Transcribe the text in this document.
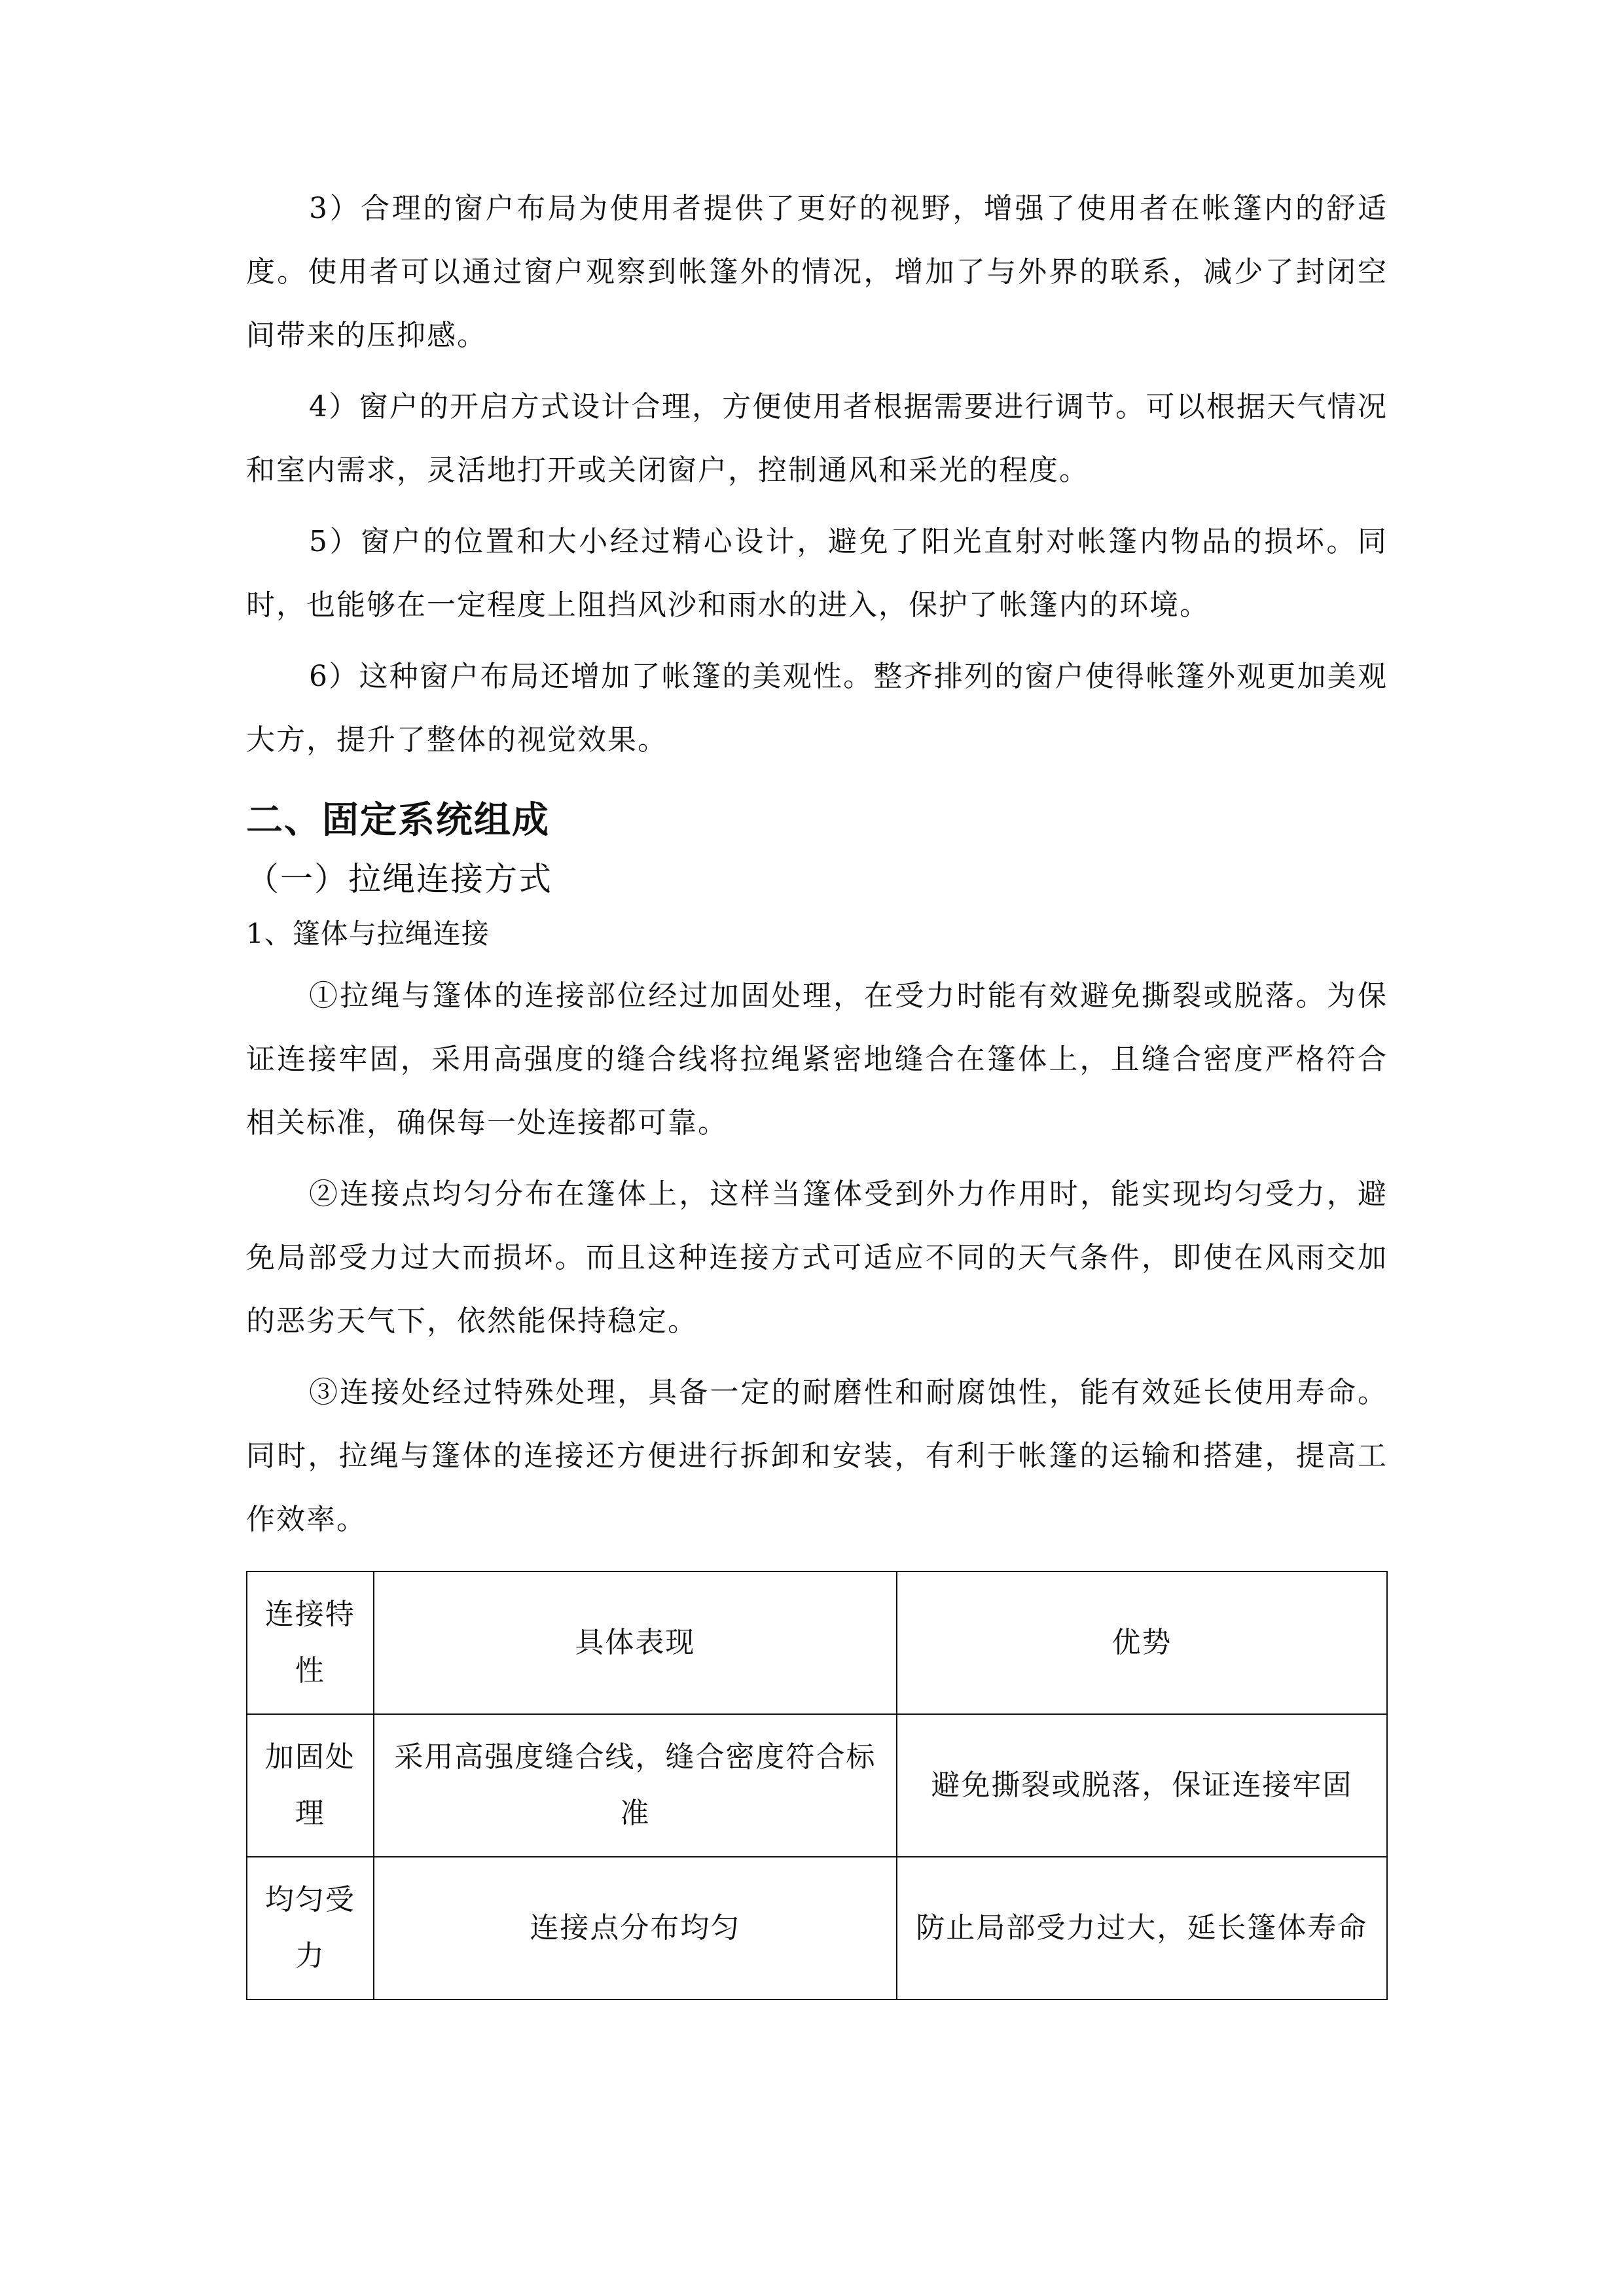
3）合理的窗户布局为使用者提供了更好的视野，增强了使用者在帐篷内的舒适度。使用者可以通过窗户观察到帐篷外的情况，增加了与外界的联系，减少了封闭空间带来的压抑感。

4）窗户的开启方式设计合理，方便使用者根据需要进行调节。可以根据天气情况和室内需求，灵活地打开或关闭窗户，控制通风和采光的程度。

5）窗户的位置和大小经过精心设计，避免了阳光直射对帐篷内物品的损坏。同时，也能够在一定程度上阻挡风沙和雨水的进入，保护了帐篷内的环境。

6）这种窗户布局还增加了帐篷的美观性。整齐排列的窗户使得帐篷外观更加美观大方，提升了整体的视觉效果。

二、固定系统组成
（一）拉绳连接方式
1、篷体与拉绳连接

①拉绳与篷体的连接部位经过加固处理，在受力时能有效避免撕裂或脱落。为保证连接牢固，采用高强度的缝合线将拉绳紧密地缝合在篷体上，且缝合密度严格符合相关标准，确保每一处连接都可靠。

②连接点均匀分布在篷体上，这样当篷体受到外力作用时，能实现均匀受力，避免局部受力过大而损坏。而且这种连接方式可适应不同的天气条件，即使在风雨交加的恶劣天气下，依然能保持稳定。

③连接处经过特殊处理，具备一定的耐磨性和耐腐蚀性，能有效延长使用寿命。同时，拉绳与篷体的连接还方便进行拆卸和安装，有利于帐篷的运输和搭建，提高工作效率。

连接特性	具体表现	优势
加固处理	采用高强度缝合线，缝合密度符合标准	避免撕裂或脱落，保证连接牢固
均匀受力	连接点分布均匀	防止局部受力过大，延长篷体寿命
